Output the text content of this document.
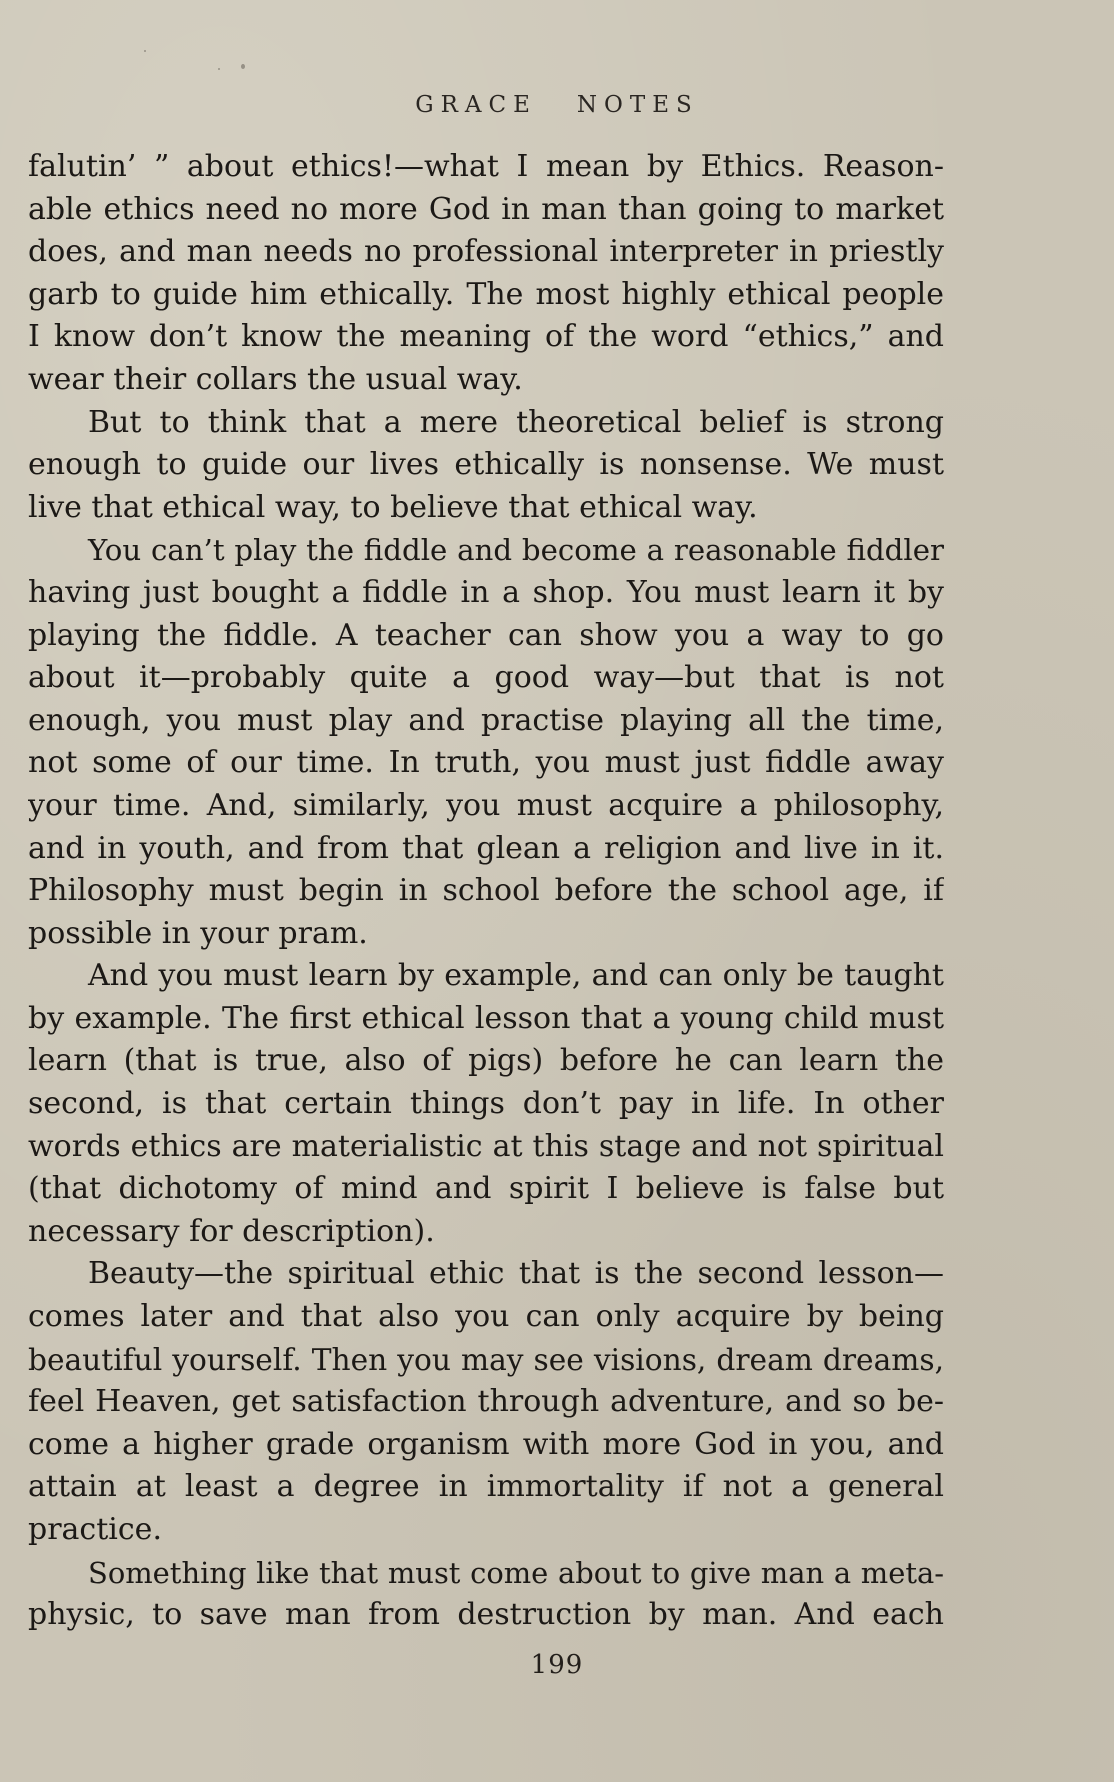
GRACE NOTES
falutin’ ” about ethics!—what I mean by Ethics. Reason-
able ethics need no more God in man than going to market
does, and man needs no professional interpreter in priestly
garb to guide him ethically. The most highly ethical people
I know don’t know the meaning of the word “ethics,” and
wear their collars the usual way.
But to think that a mere theoretical belief is strong
enough to guide our lives ethically is nonsense. We must
live that ethical way, to believe that ethical way.
You can’t play the fiddle and become a reasonable fiddler
having just bought a fiddle in a shop. You must learn it by
playing the fiddle. A teacher can show you a way to go
about it—probably quite a good way—but that is not
enough, you must play and practise playing all the time,
not some of our time. In truth, you must just fiddle away
your time. And, similarly, you must acquire a philosophy,
and in youth, and from that glean a religion and live in it.
Philosophy must begin in school before the school age, if
possible in your pram.
And you must learn by example, and can only be taught
by example. The first ethical lesson that a young child must
learn (that is true, also of pigs) before he can learn the
second, is that certain things don’t pay in life. In other
words ethics are materialistic at this stage and not spiritual
(that dichotomy of mind and spirit I believe is false but
necessary for description).
Beauty—the spiritual ethic that is the second lesson—
comes later and that also you can only acquire by being
beautiful yourself. Then you may see visions, dream dreams,
feel Heaven, get satisfaction through adventure, and so be-
come a higher grade organism with more God in you, and
attain at least a degree in immortality if not a general
practice.
Something like that must come about to give man a meta-
physic, to save man from destruction by man. And each
199
